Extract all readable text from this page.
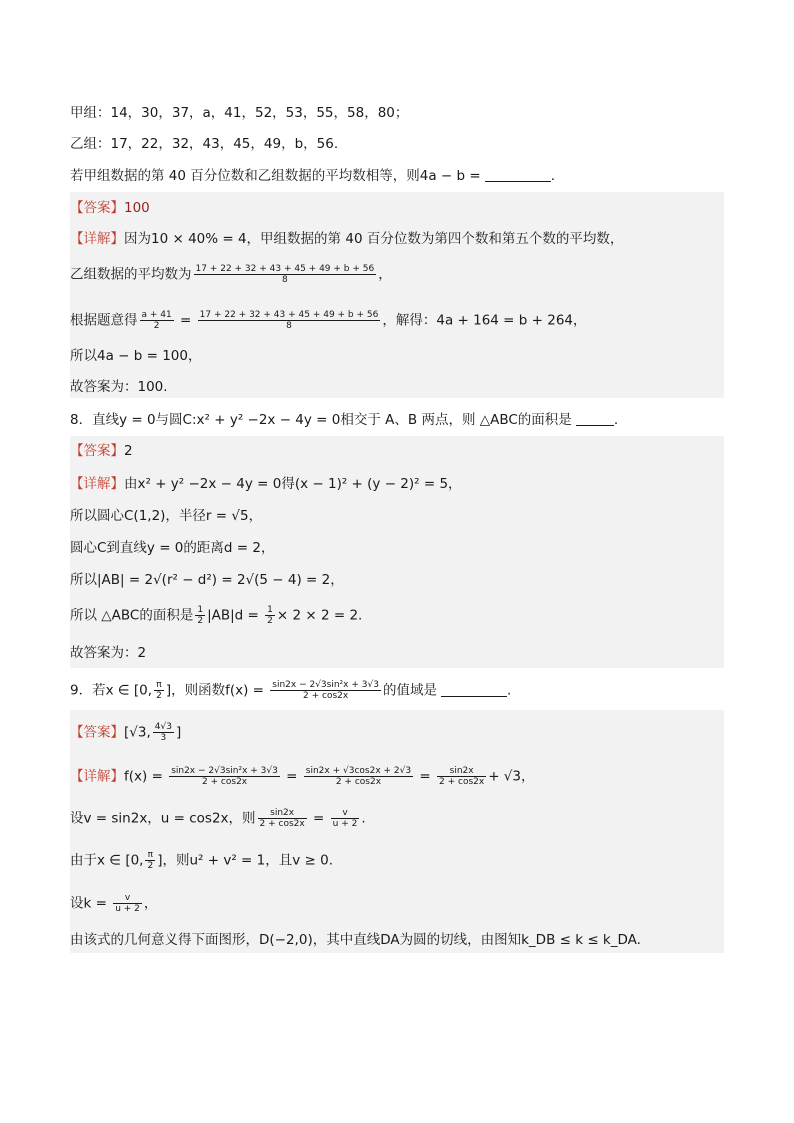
甲组：14，30，37，a，41，52，53，55，58，80；
乙组：17，22，32，43，45，49，b，56.
若甲组数据的第 40 百分位数和乙组数据的平均数相等，则4a − b =	.
【答案】100
【详解】因为10 × 40% = 4，甲组数据的第 40 百分位数为第四个数和第五个数的平均数，
乙组数据的平均数为 $\frac{17 + 22 + 32 + 43 + 45 + 49 + b + 56}{8}$ ，
根据题意得 $\frac{a + 41}{2} = \frac{17 + 22 + 32 + 43 + 45 + 49 + b + 56}{8}$ ，解得：4a + 164 = b + 264，
所以4a − b = 100，
故答案为：100.
8．直线y = 0与圆C:x² + y² −2x − 4y = 0相交于 A、B 两点，则 △ABC的面积是	.
【答案】2
【详解】由x² + y² −2x − 4y = 0得(x − 1)² + (y − 2)² = 5，
所以圆心C(1,2)，半径r = √5，
圆心C到直线y = 0的距离d = 2，
所以|AB| = 2√(r² − d²) = 2√(5 − 4) = 2，
所以 △ABC的面积是 $\frac{1}{2} |AB|d = \frac{1}{2} \times 2 \times 2 = 2$.
故答案为：2
9．若x ∈ [0, $\frac{\pi}{2}$ ]，则函数$f(x) = \frac{\text{sin2x − 2√3sin²x + 3√3}}{2 + \cos 2x}$ 的值域是	.
【答案】[√3, $\frac{4√3}{3}$ ]
【详解】$f(x) = \frac{\text{sin2x − 2√3sin²x + 3√3}}{2 + \cos 2x} = \frac{\sin 2x + √3\cos 2x + 2√3}{2 + \cos 2x} = \frac{\sin 2x}{2 + \cos 2x} + √3$，
设v = sin2x，u = cos2x，则 $\frac{\sin 2x}{2 + \cos 2x} = \frac{v}{u + 2}$ .
由于x ∈ [0, $\frac{\pi}{2}$ ]，则u² + v² = 1，且v ≥ 0.
设$k = \frac{v}{u + 2}$ ，
由该式的几何意义得下面图形，D(−2,0)，其中直线DA为圆的切线，由图知k_DB ≤ k ≤ k_DA.
